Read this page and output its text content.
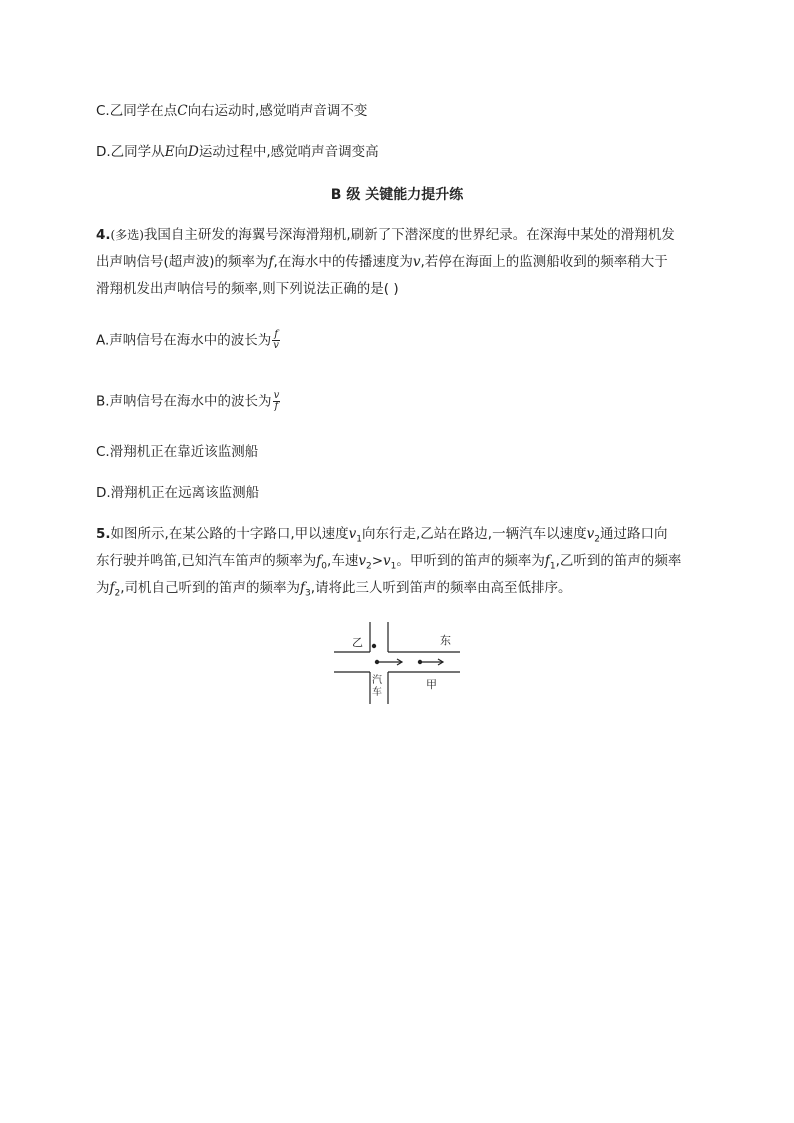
C.乙同学在点C向右运动时,感觉哨声音调不变
D.乙同学从E向D运动过程中,感觉哨声音调变高
B 级 关键能力提升练
4.(多选)我国自主研发的海翼号深海滑翔机,刷新了下潜深度的世界纪录。在深海中某处的滑翔机发
出声呐信号(超声波)的频率为f,在海水中的传播速度为v,若停在海面上的监测船收到的频率稍大于
滑翔机发出声呐信号的频率,则下列说法正确的是( )
A.声呐信号在海水中的波长为 $\frac{f}{v}$
B.声呐信号在海水中的波长为 $\frac{v}{f}$
C.滑翔机正在靠近该监测船
D.滑翔机正在远离该监测船
5.如图所示,在某公路的十字路口,甲以速度$v_1$向东行走,乙站在路边,一辆汽车以速度$v_2$通过路口向
东行驶并鸣笛,已知汽车笛声的频率为$f_0$,车速$v_2>v_1$。甲听到的笛声的频率为$f_1$,乙听到的笛声的频率
为$f_2$,司机自己听到的笛声的频率为$f_3$,请将此三人听到笛声的频率由高至低排序。
乙	东
汽
车
甲
